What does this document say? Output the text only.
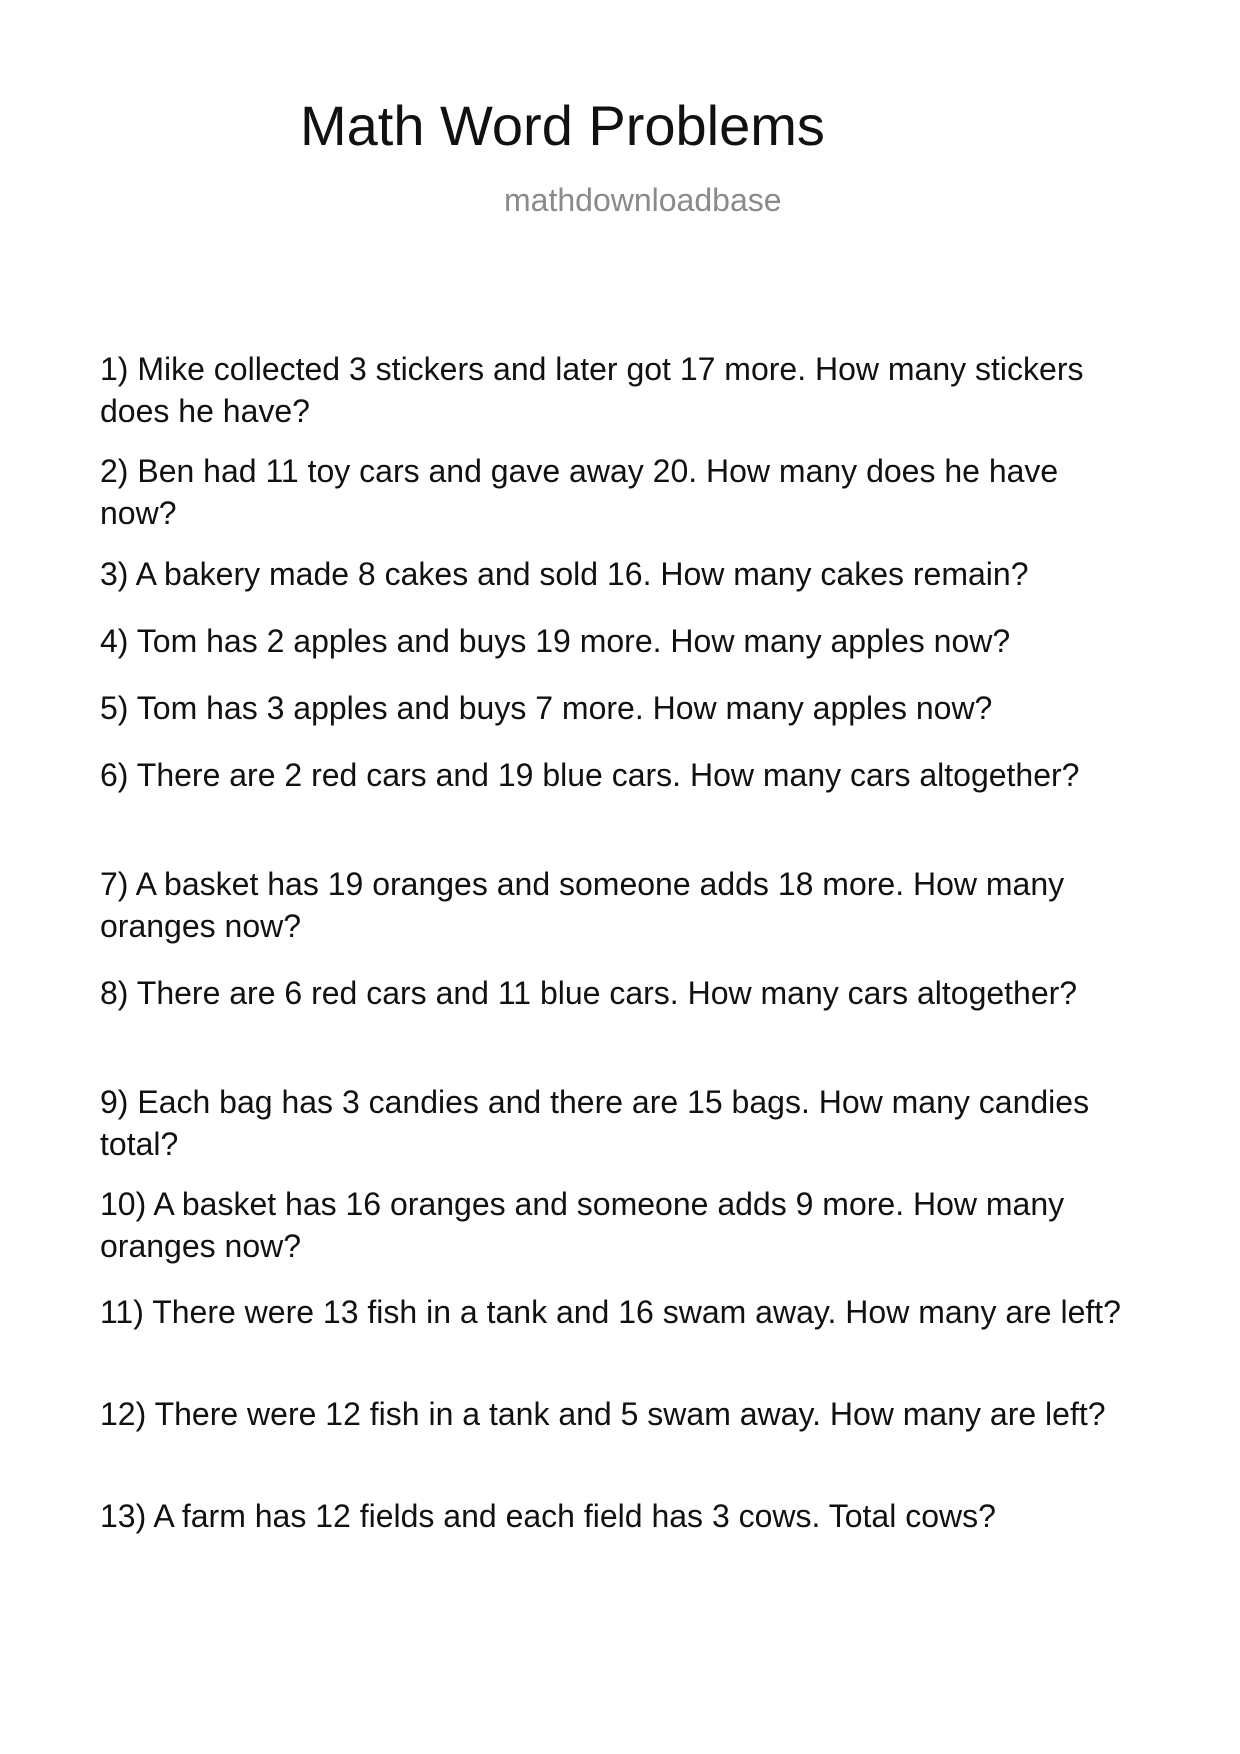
Math Word Problems
mathdownloadbase

1) Mike collected 3 stickers and later got 17 more. How many stickers does he have?

2) Ben had 11 toy cars and gave away 20. How many does he have now?

3) A bakery made 8 cakes and sold 16. How many cakes remain?

4) Tom has 2 apples and buys 19 more. How many apples now?

5) Tom has 3 apples and buys 7 more. How many apples now?

6) There are 2 red cars and 19 blue cars. How many cars altogether?

7) A basket has 19 oranges and someone adds 18 more. How many oranges now?

8) There are 6 red cars and 11 blue cars. How many cars altogether?

9) Each bag has 3 candies and there are 15 bags. How many candies total?

10) A basket has 16 oranges and someone adds 9 more. How many oranges now?

11) There were 13 fish in a tank and 16 swam away. How many are left?

12) There were 12 fish in a tank and 5 swam away. How many are left?

13) A farm has 12 fields and each field has 3 cows. Total cows?
